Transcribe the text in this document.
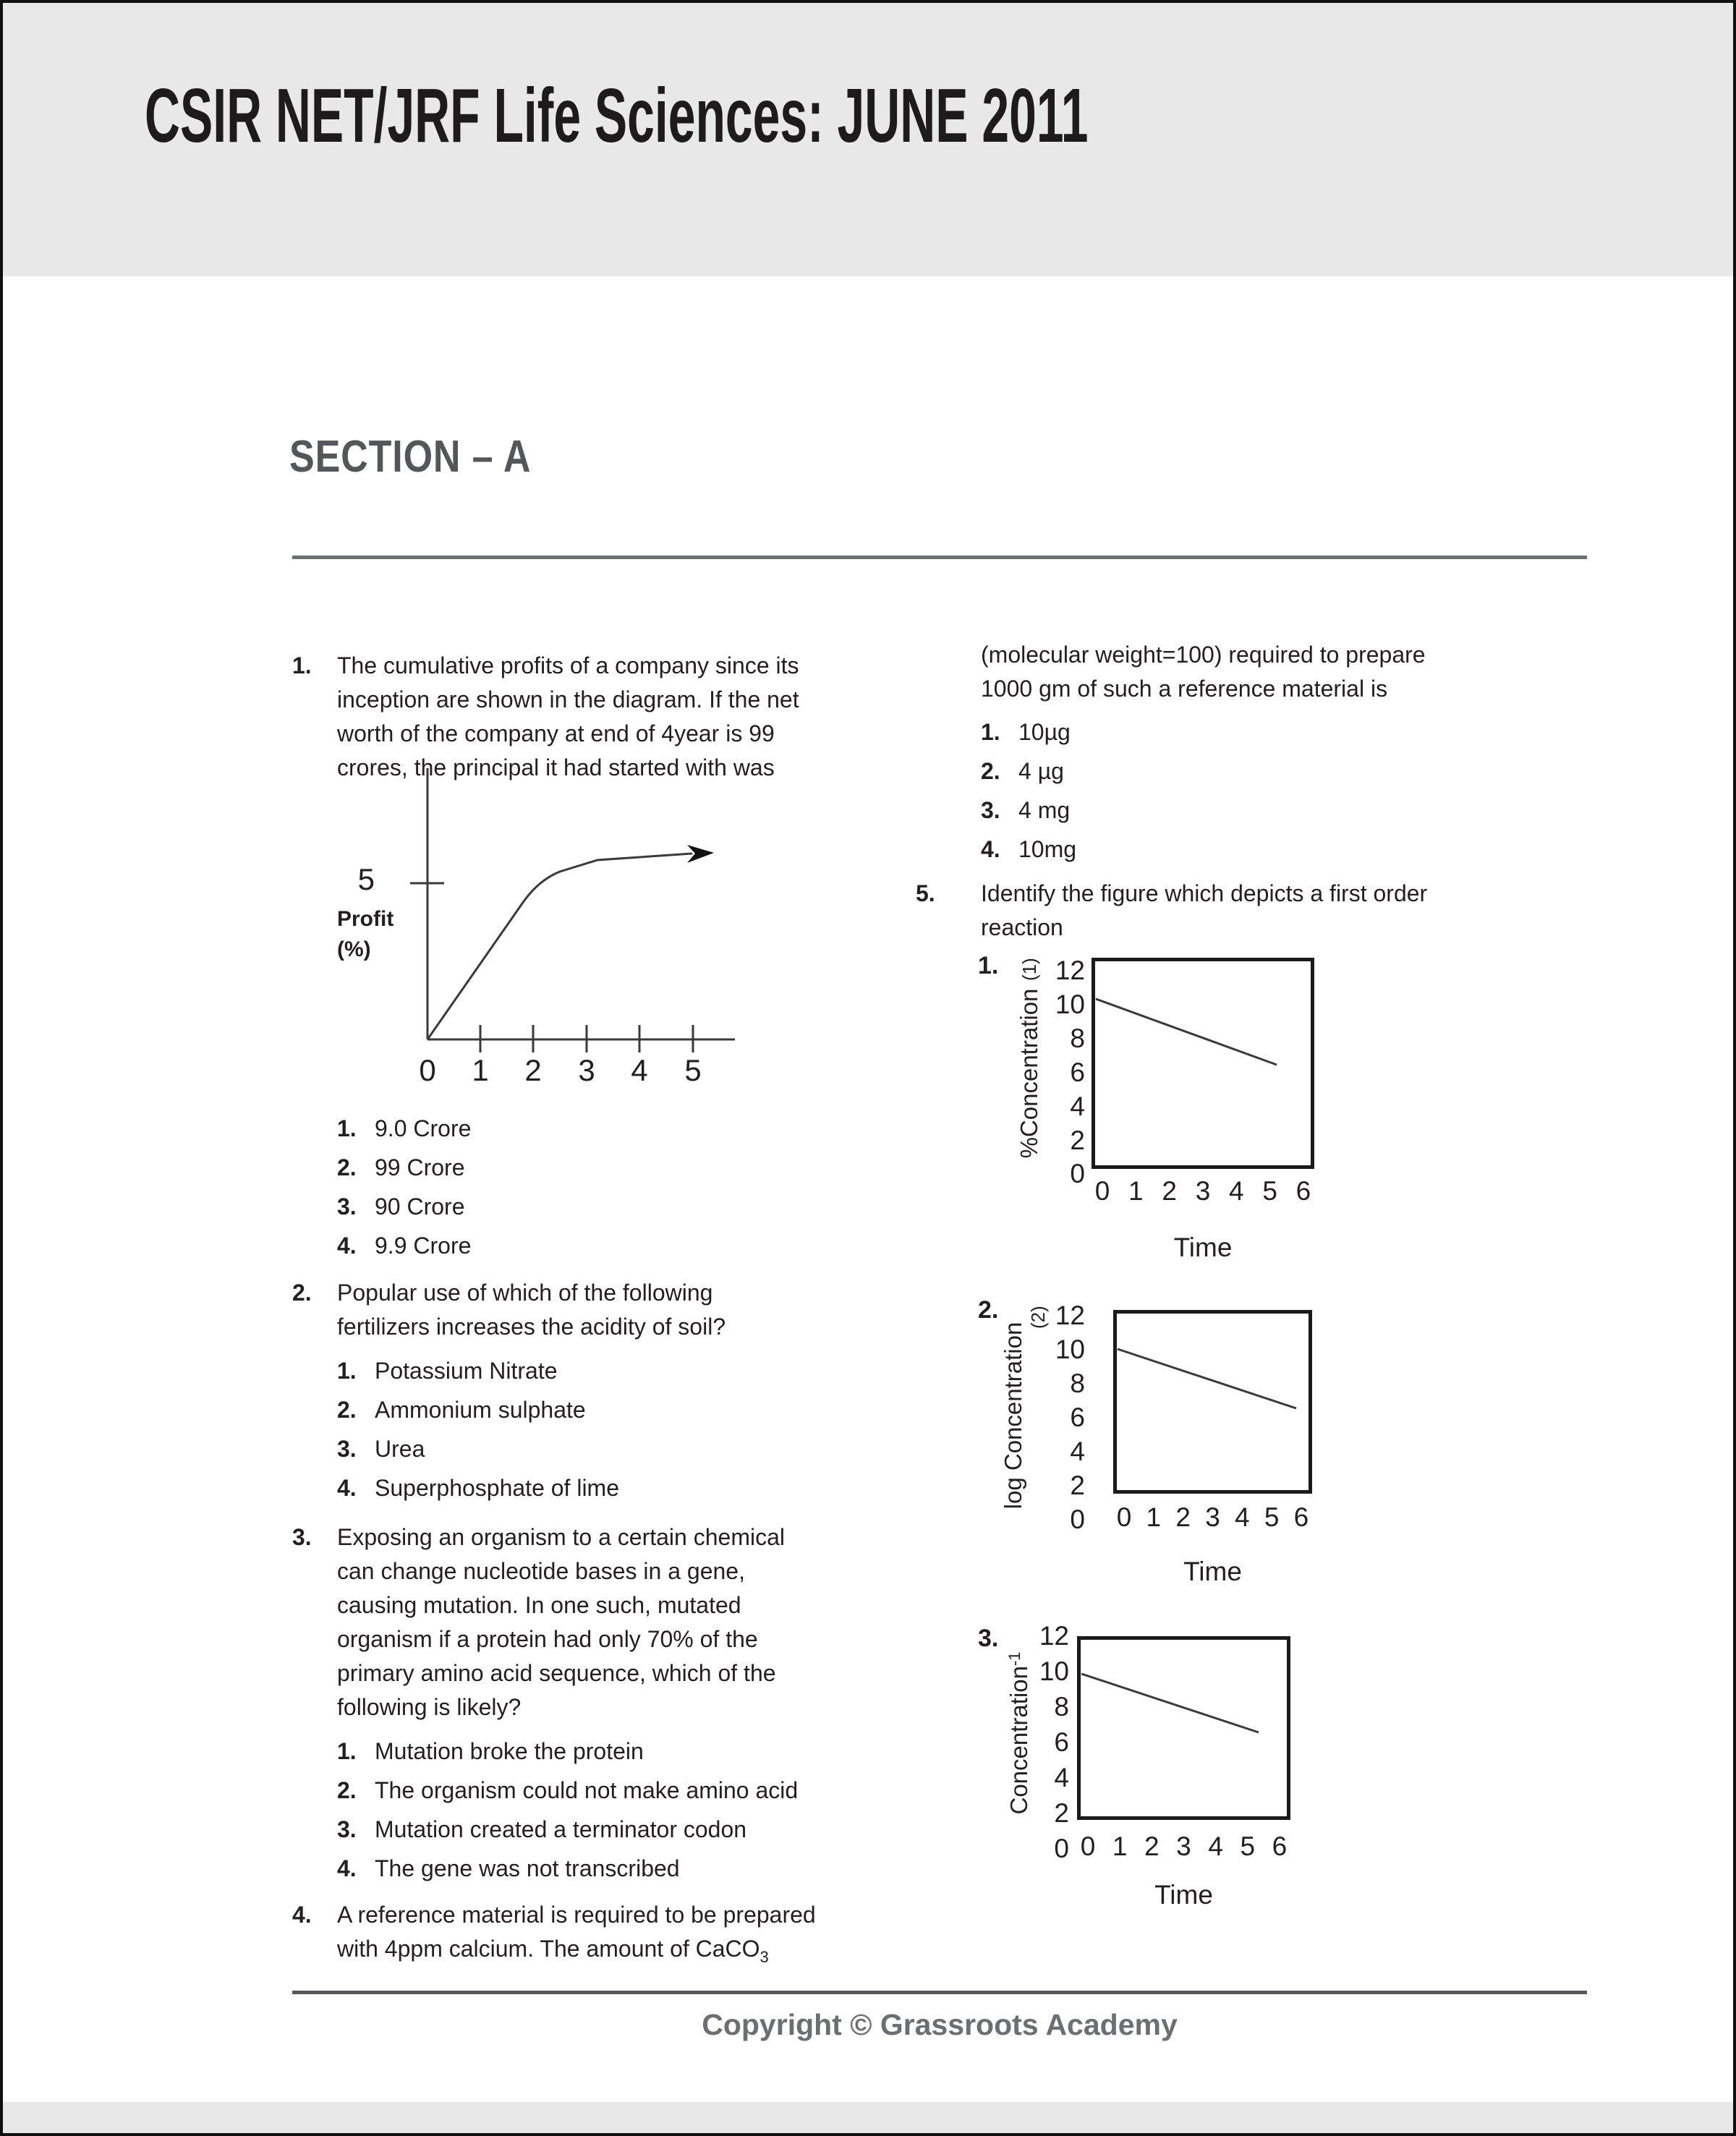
CSIR NET/JRF Life Sciences: JUNE 2011
SECTION – A
1. The cumulative profits of a company since its
inception are shown in the diagram. If the net
worth of the company at end of 4year is 99
crores, the principal it had started with was
5
Profit
(%)
0 1 2 3 4 5
1. 9.0 Crore
2. 99 Crore
3. 90 Crore
4. 9.9 Crore
2. Popular use of which of the following
fertilizers increases the acidity of soil?
1. Potassium Nitrate
2. Ammonium sulphate
3. Urea
4. Superphosphate of lime
3. Exposing an organism to a certain chemical
can change nucleotide bases in a gene,
causing mutation. In one such, mutated
organism if a protein had only 70% of the
primary amino acid sequence, which of the
following is likely?
1. Mutation broke the protein
2. The organism could not make amino acid
3. Mutation created a terminator codon
4. The gene was not transcribed
4. A reference material is required to be prepared
with 4ppm calcium. The amount of CaCO$_3$
(molecular weight=100) required to prepare
1000 gm of such a reference material is
1. 10µg
2. 4 µg
3. 4 mg
4. 10mg
5. Identify the figure which depicts a first order
reaction
1. (1)
%Concentration
12
10
8
6
4
2
0
0 1 2 3 4 5 6
Time
2. (2)
log Concentration
12
10
8
6
4
2
0 0 1 2 3 4 5 6
Time
3.
Concentration$^{-1}$
12
10
8
6
4
2
0 0 1 2 3 4 5 6
Time
Copyright © Grassroots Academy
